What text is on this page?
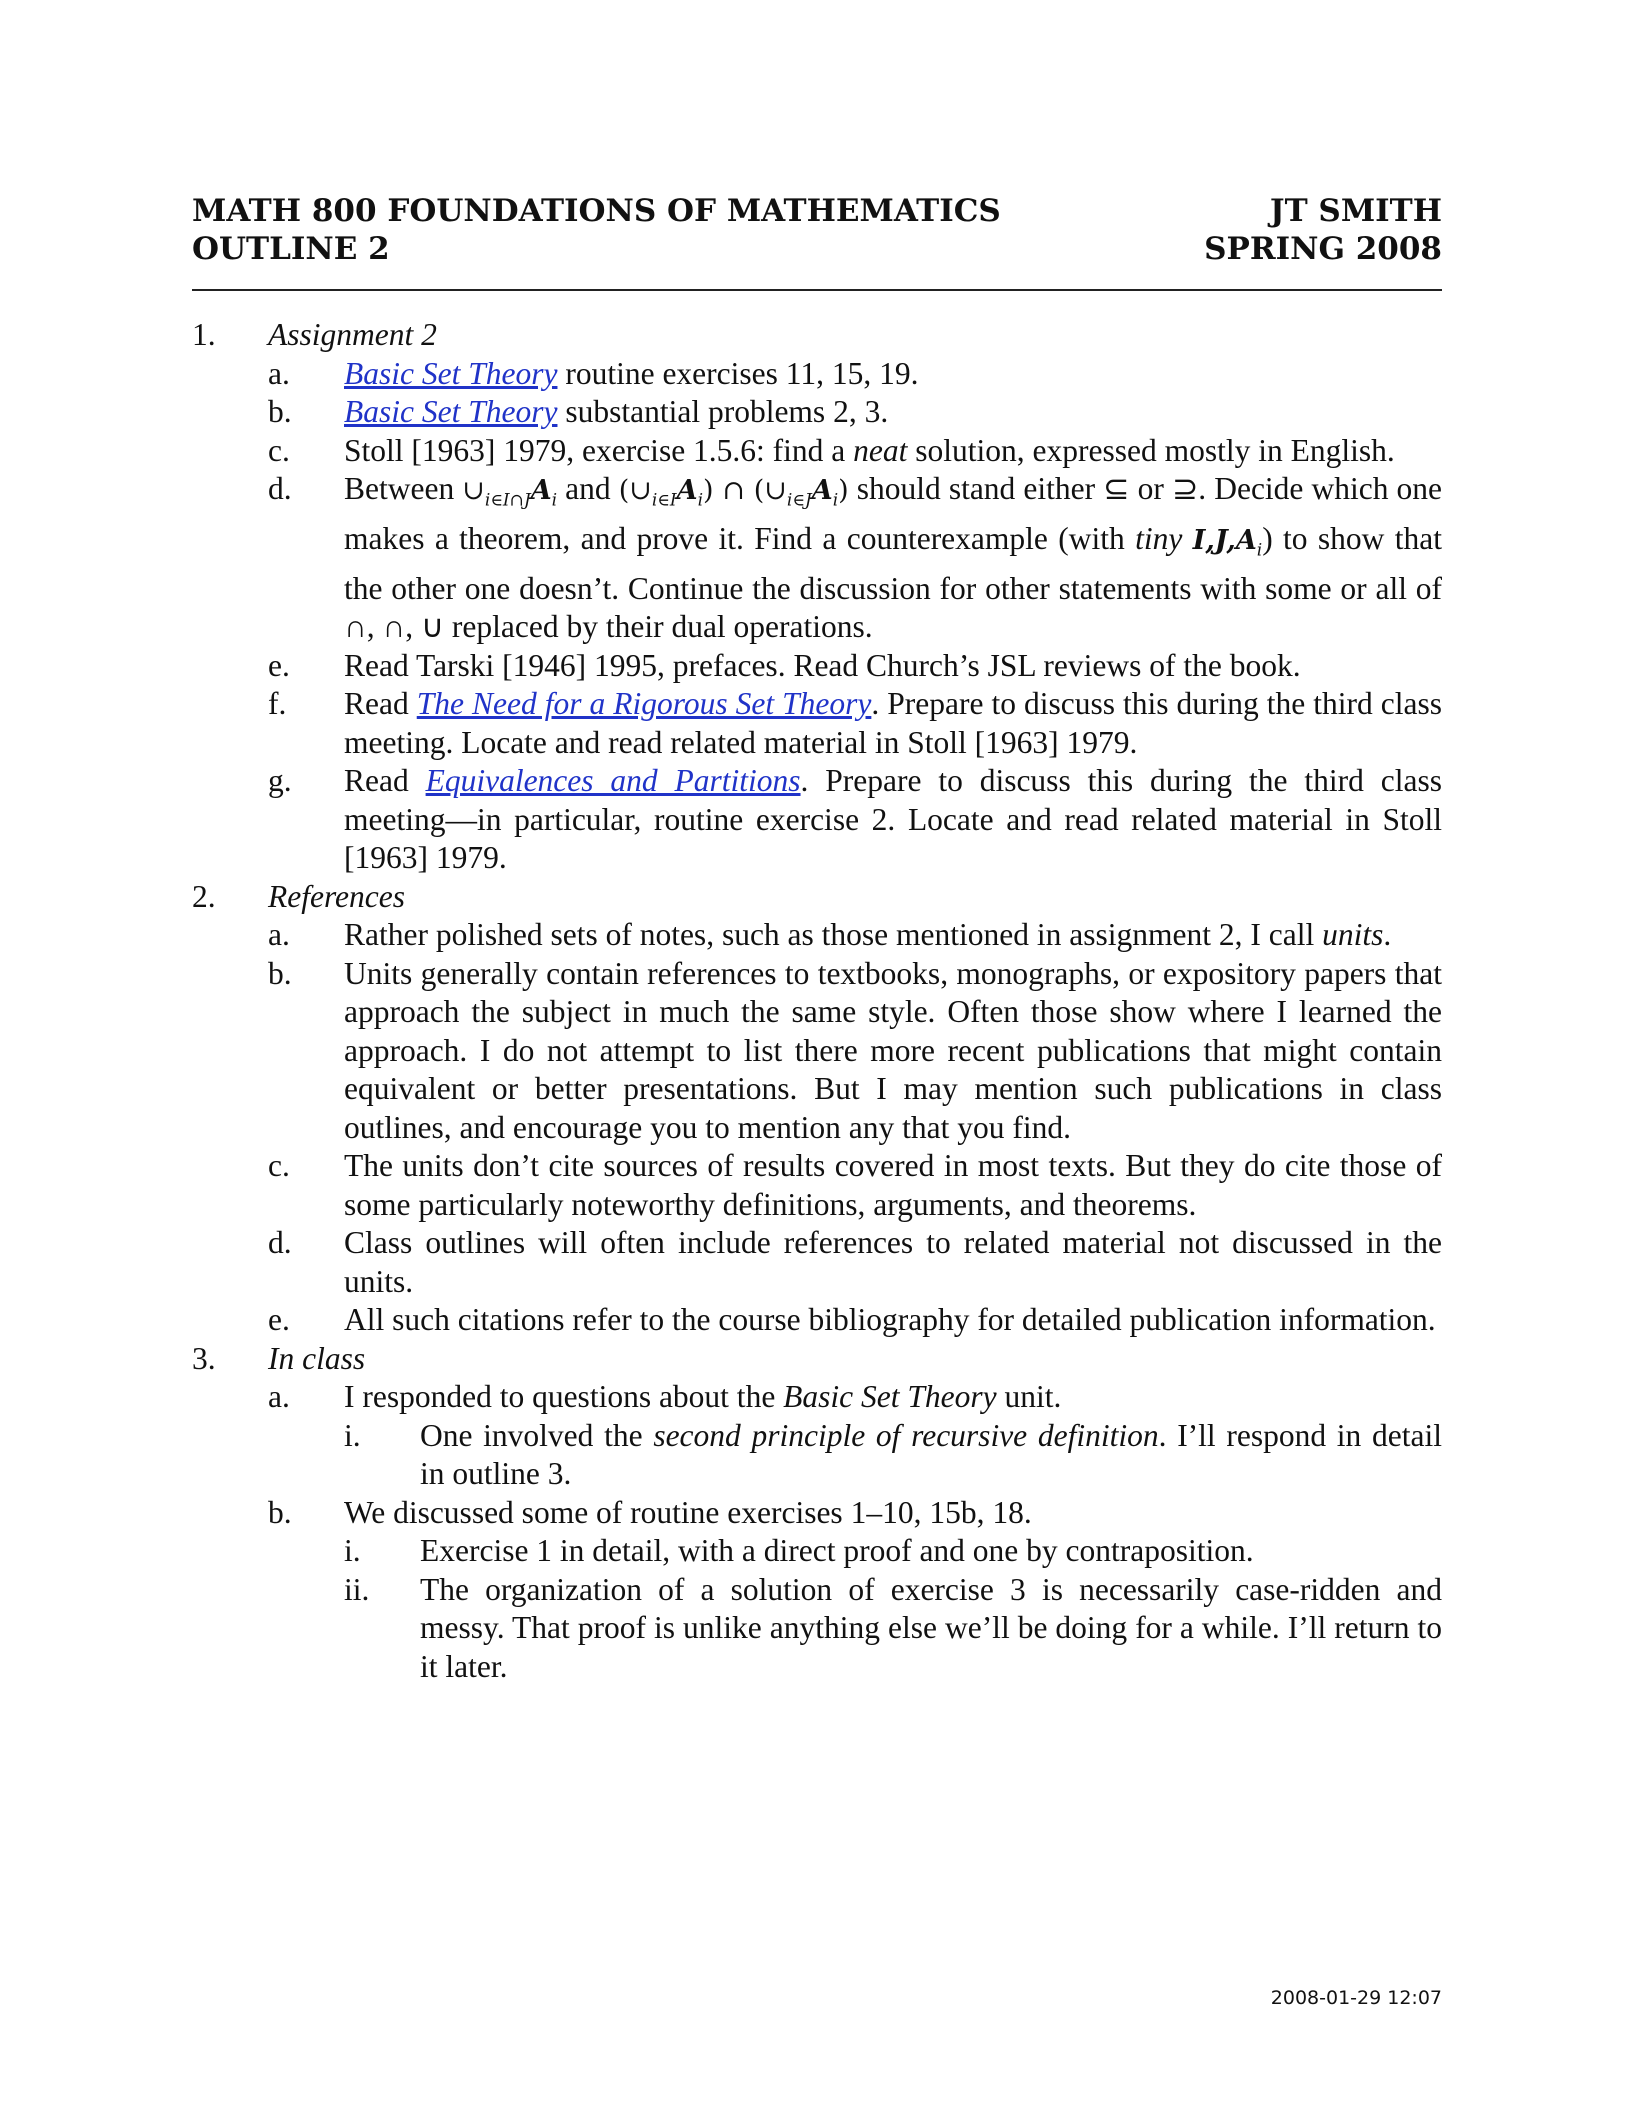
MATH 800 FOUNDATIONS OF MATHEMATICS	JT SMITH
OUTLINE 2	SPRING 2008
1.	Assignment 2
a.	Basic Set Theory routine exercises 11, 15, 19.
b.	Basic Set Theory substantial problems 2, 3.
c.	Stoll [1963] 1979, exercise 1.5.6: find a neat solution, expressed mostly in English.
d.	Between $\cup_{i\in I\cap J}A_i$ and $(\cup_{i\in I}A_i)$ ∩ $(\cup_{i\in J}A_i)$ should stand either ⊆ or ⊇. Decide which one makes a theorem, and prove it. Find a counterexample (with tiny $I,J,A_i$) to show that the other one doesn’t. Continue the discussion for other statements with some or all of ∩, ∩, ∪ replaced by their dual operations.
e.	Read Tarski [1946] 1995, prefaces. Read Church’s JSL reviews of the book.
f.	Read The Need for a Rigorous Set Theory. Prepare to discuss this during the third class meeting. Locate and read related material in Stoll [1963] 1979.
g.	Read Equivalences and Partitions. Prepare to discuss this during the third class meeting—in particular, routine exercise 2. Locate and read related material in Stoll [1963] 1979.
2.	References
a.	Rather polished sets of notes, such as those mentioned in assignment 2, I call units.
b.	Units generally contain references to textbooks, monographs, or expository papers that approach the subject in much the same style. Often those show where I learned the approach. I do not attempt to list there more recent publications that might contain equivalent or better presentations. But I may mention such publications in class outlines, and encourage you to mention any that you find.
c.	The units don’t cite sources of results covered in most texts. But they do cite those of some particularly noteworthy definitions, arguments, and theorems.
d.	Class outlines will often include references to related material not discussed in the units.
e.	All such citations refer to the course bibliography for detailed publication information.
3.	In class
a.	I responded to questions about the Basic Set Theory unit.
i.	One involved the second principle of recursive definition. I’ll respond in detail in outline 3.
b.	We discussed some of routine exercises 1–10, 15b, 18.
i.	Exercise 1 in detail, with a direct proof and one by contraposition.
ii.	The organization of a solution of exercise 3 is necessarily case-ridden and messy. That proof is unlike anything else we’ll be doing for a while. I’ll return to it later.
2008-01-29 12:07
